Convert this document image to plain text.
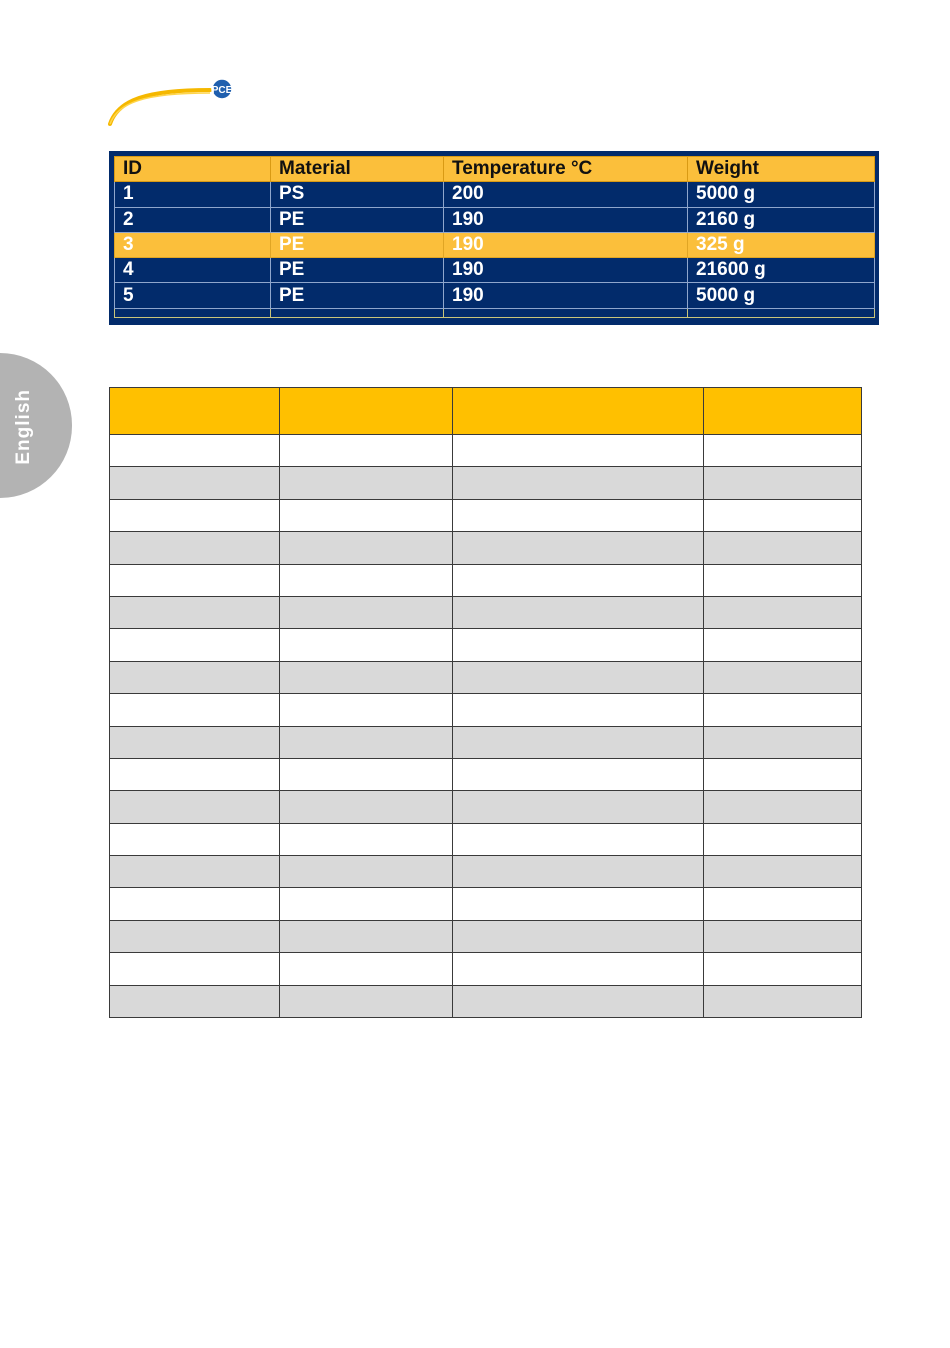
PCE
English
ID	Material	Temperature °C	Weight
1	PS	200	5000 g
2	PE	190	2160 g
3	PE	190	325 g
4	PE	190	21600 g
5	PE	190	5000 g
